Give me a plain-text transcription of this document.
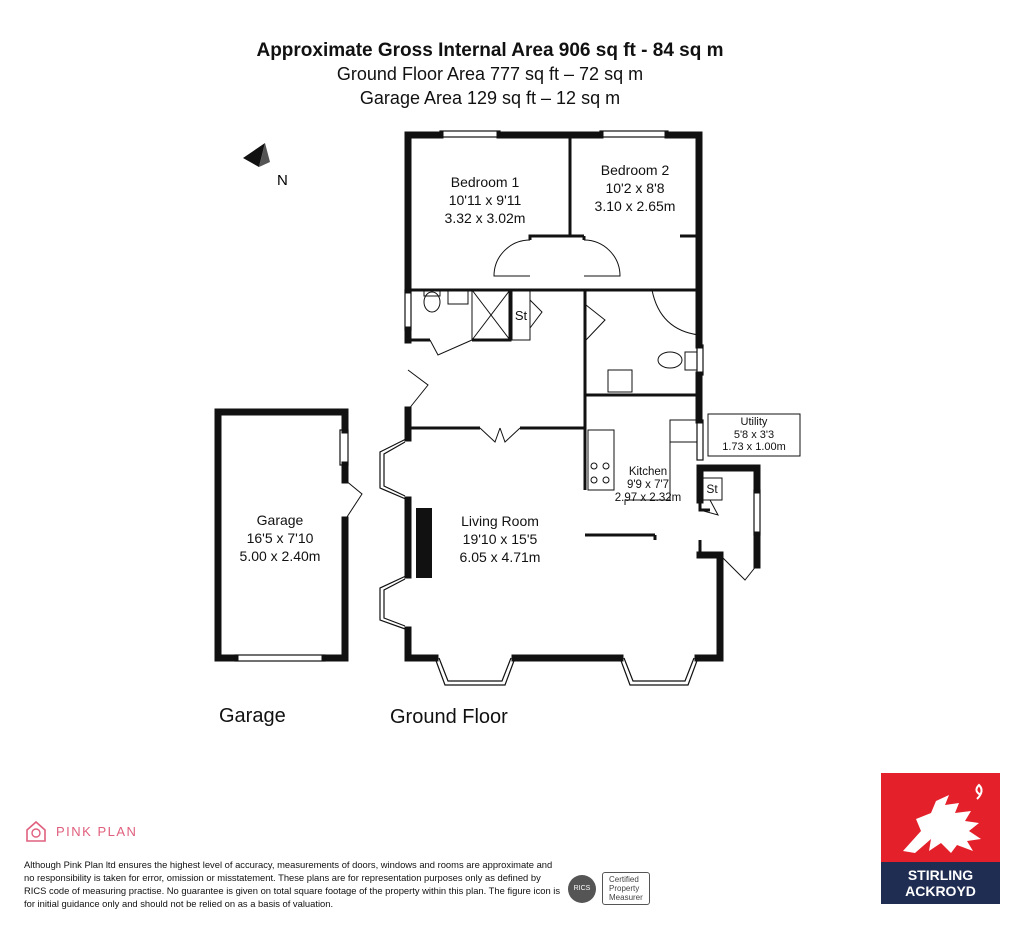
Approximate Gross Internal Area 906 sq ft - 84 sq m
Ground Floor Area 777 sq ft – 72 sq m
Garage Area 129 sq ft – 12 sq m
N	Bedroom 1
10'11 x 9'11
3.32 x 3.02m
Bedroom 2
10'2 x 8'8
3.10 x 2.65m
Living Room
19'10 x 15'5
6.05 x 4.71m
Kitchen
9'9 x 7'7
2.97 x 2.32m
Utility
5'8 x 3'3
1.73 x 1.00m
Garage
16'5 x 7'10
5.00 x 2.40m
St
St
Garage	Ground Floor
PINK PLAN
Although Pink Plan ltd ensures the highest level of accuracy, measurements of doors, windows and rooms are approximate and no responsibility is taken for error, omission or misstatement. These plans are for representation purposes only as defined by RICS code of measuring practise. No guarantee is given on total square footage of the property within this plan. The figure icon is for initial guidance only and should not be relied on as a basis of valuation.
RICS
Certified
Property
Measurer
STIRLING
ACKROYD
